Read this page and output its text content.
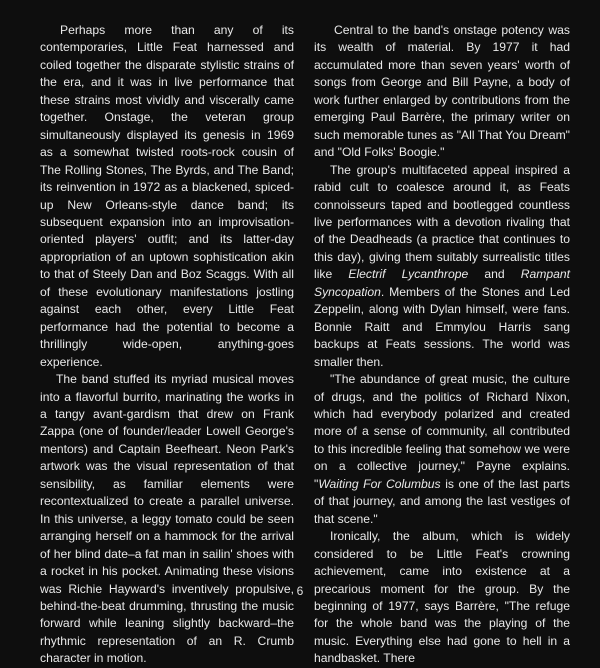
Perhaps more than any of its contemporaries, Little Feat harnessed and coiled together the disparate stylistic strains of the era, and it was in live performance that these strains most vividly and viscerally came together. Onstage, the veteran group simultaneously displayed its genesis in 1969 as a somewhat twisted roots-rock cousin of The Rolling Stones, The Byrds, and The Band; its reinvention in 1972 as a blackened, spiced-up New Orleans-style dance band; its subsequent expansion into an improvisation-oriented players' outfit; and its latter-day appropriation of an uptown sophistication akin to that of Steely Dan and Boz Scaggs. With all of these evolutionary manifestations jostling against each other, every Little Feat performance had the potential to become a thrillingly wide-open, anything-goes experience.

The band stuffed its myriad musical moves into a flavorful burrito, marinating the works in a tangy avant-gardism that drew on Frank Zappa (one of founder/leader Lowell George's mentors) and Captain Beefheart. Neon Park's artwork was the visual representation of that sensibility, as familiar elements were recontextualized to create a parallel universe. In this universe, a leggy tomato could be seen arranging herself on a hammock for the arrival of her blind date–a fat man in sailin' shoes with a rocket in his pocket. Animating these visions was Richie Hayward's inventively propulsive, behind-the-beat drumming, thrusting the music forward while leaning slightly backward–the rhythmic representation of an R. Crumb character in motion.

Central to the band's onstage potency was its wealth of material. By 1977 it had accumulated more than seven years' worth of songs from George and Bill Payne, a body of work further enlarged by contributions from the emerging Paul Barrère, the primary writer on such memorable tunes as "All That You Dream" and "Old Folks' Boogie."

The group's multifaceted appeal inspired a rabid cult to coalesce around it, as Feats connoisseurs taped and bootlegged countless live performances with a devotion rivaling that of the Deadheads (a practice that continues to this day), giving them suitably surrealistic titles like Electrif Lycanthrope and Rampant Syncopation. Members of the Stones and Led Zeppelin, along with Dylan himself, were fans. Bonnie Raitt and Emmylou Harris sang backups at Feats sessions. The world was smaller then.

"The abundance of great music, the culture of drugs, and the politics of Richard Nixon, which had everybody polarized and created more of a sense of community, all contributed to this incredible feeling that somehow we were on a collective journey," Payne explains. "Waiting For Columbus is one of the last parts of that journey, and among the last vestiges of that scene."

Ironically, the album, which is widely considered to be Little Feat's crowning achievement, came into existence at a precarious moment for the group. By the beginning of 1977, says Barrère, "The refuge for the whole band was the playing of the music. Everything else had gone to hell in a handbasket. There

6
